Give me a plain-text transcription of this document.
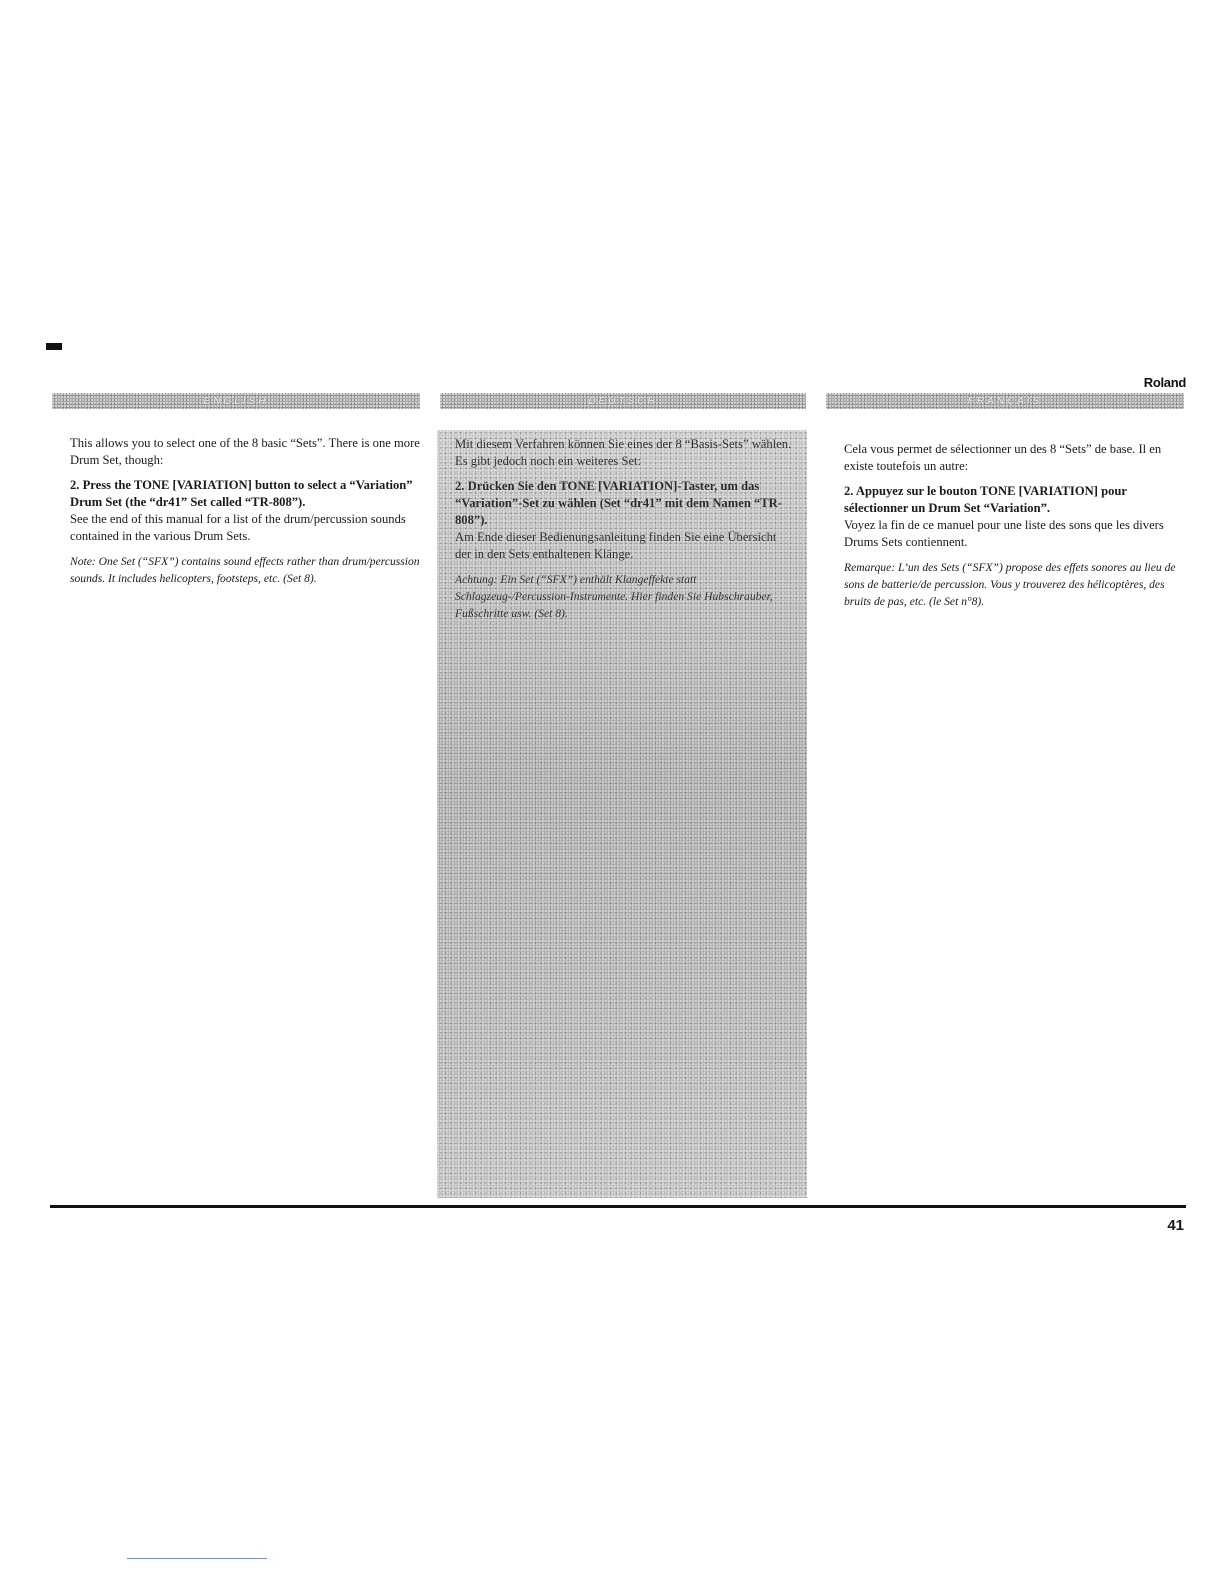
Roland
ENGLISH	DEUTSCH	FRANÇAIS

This allows you to select one of the 8 basic “Sets”. There is one more Drum Set, though:

2. Press the TONE [VARIATION] button to select a “Variation” Drum Set (the “dr41” Set called “TR-808”).
See the end of this manual for a list of the drum/percussion sounds contained in the various Drum Sets.

Note: One Set (“SFX”) contains sound effects rather than drum/percussion sounds. It includes helicopters, footsteps, etc. (Set 8).

Mit diesem Verfahren können Sie eines der 8 “Basis-Sets” wählen. Es gibt jedoch noch ein weiteres Set:

2. Drücken Sie den TONE [VARIATION]-Taster, um das “Variation”-Set zu wählen (Set “dr41” mit dem Namen “TR-808”).
Am Ende dieser Bedienungsanleitung finden Sie eine Übersicht der in den Sets enthaltenen Klänge.

Achtung: Ein Set (“SFX”) enthält Klangeffekte statt Schlagzeug-/Percussion-Instrumente. Hier finden Sie Hubschrauber, Fußschritte usw. (Set 8).

Cela vous permet de sélectionner un des 8 “Sets” de base. Il en existe toutefois un autre:

2. Appuyez sur le bouton TONE [VARIATION] pour sélectionner un Drum Set “Variation”.
Voyez la fin de ce manuel pour une liste des sons que les divers Drums Sets contiennent.

Remarque: L’un des Sets (“SFX”) propose des effets sonores au lieu de sons de batterie/de percussion. Vous y trouverez des hélicoptères, des bruits de pas, etc. (le Set n°8).

41
